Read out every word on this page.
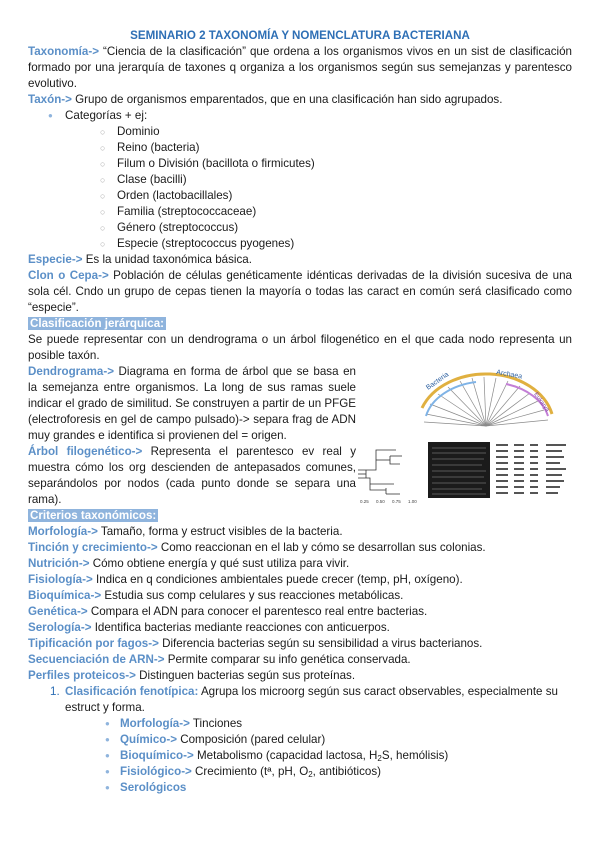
SEMINARIO 2 TAXONOMÍA Y NOMENCLATURA BACTERIANA
Taxonomía-> “Ciencia de la clasificación” que ordena a los organismos vivos en un sist de clasificación formado por una jerarquía de taxones q organiza a los organismos según sus semejanzas y parentesco evolutivo.
Taxón-> Grupo de organismos emparentados, que en una clasificación han sido agrupados.
● Categorías + ej:
○ Dominio
○ Reino (bacteria)
○ Filum o División (bacillota o firmicutes)
○ Clase (bacilli)
○ Orden (lactobacillales)
○ Familia (streptococcaceae)
○ Género (streptococcus)
○ Especie (streptococcus pyogenes)
Especie-> Es la unidad taxonómica básica.
Clon o Cepa-> Población de células genéticamente idénticas derivadas de la división sucesiva de una sola cél. Cndo un grupo de cepas tienen la mayoría o todas las caract en común será clasificado como “especie”.
Clasificación jerárquica:
Se puede representar con un dendrograma o un árbol filogenético en el que cada nodo representa un posible taxón.
Dendrograma-> Diagrama en forma de árbol que se basa en la semejanza entre organismos. La long de sus ramas suele indicar el grado de similitud. Se construyen a partir de un PFGE (electroforesis en gel de campo pulsado)-> separa frag de ADN muy grandes e identifica si provienen del = origen.
Árbol filogenético-> Representa el parentesco ev real y muestra cómo los org descienden de antepasados comunes, separándolos por nodos (cada punto donde se separa una rama).
Bacteria	Archaea
Eukarya
0.25 0.50 0.75 1.00
Criterios taxonómicos:
Morfología-> Tamaño, forma y estruct visibles de la bacteria.
Tinción y crecimiento-> Como reaccionan en el lab y cómo se desarrollan sus colonias.
Nutrición-> Cómo obtiene energía y qué sust utiliza para vivir.
Fisiología-> Indica en q condiciones ambientales puede crecer (temp, pH, oxígeno).
Bioquímica-> Estudia sus comp celulares y sus reacciones metabólicas.
Genética-> Compara el ADN para conocer el parentesco real entre bacterias.
Serología-> Identifica bacterias mediante reacciones con anticuerpos.
Tipificación por fagos-> Diferencia bacterias según su sensibilidad a virus bacterianos.
Secuenciación de ARN-> Permite comparar su info genética conservada.
Perfiles proteicos-> Distinguen bacterias según sus proteínas.
1. Clasificación fenotípica: Agrupa los microorg según sus caract observables, especialmente su estruct y forma.
● Morfología-> Tinciones
● Químico-> Composición (pared celular)
● Bioquímico-> Metabolismo (capacidad lactosa, $H_2S$, hemólisis)
● Fisiológico-> Crecimiento (tª, pH, $O_2$, antibióticos)
● Serológicos
